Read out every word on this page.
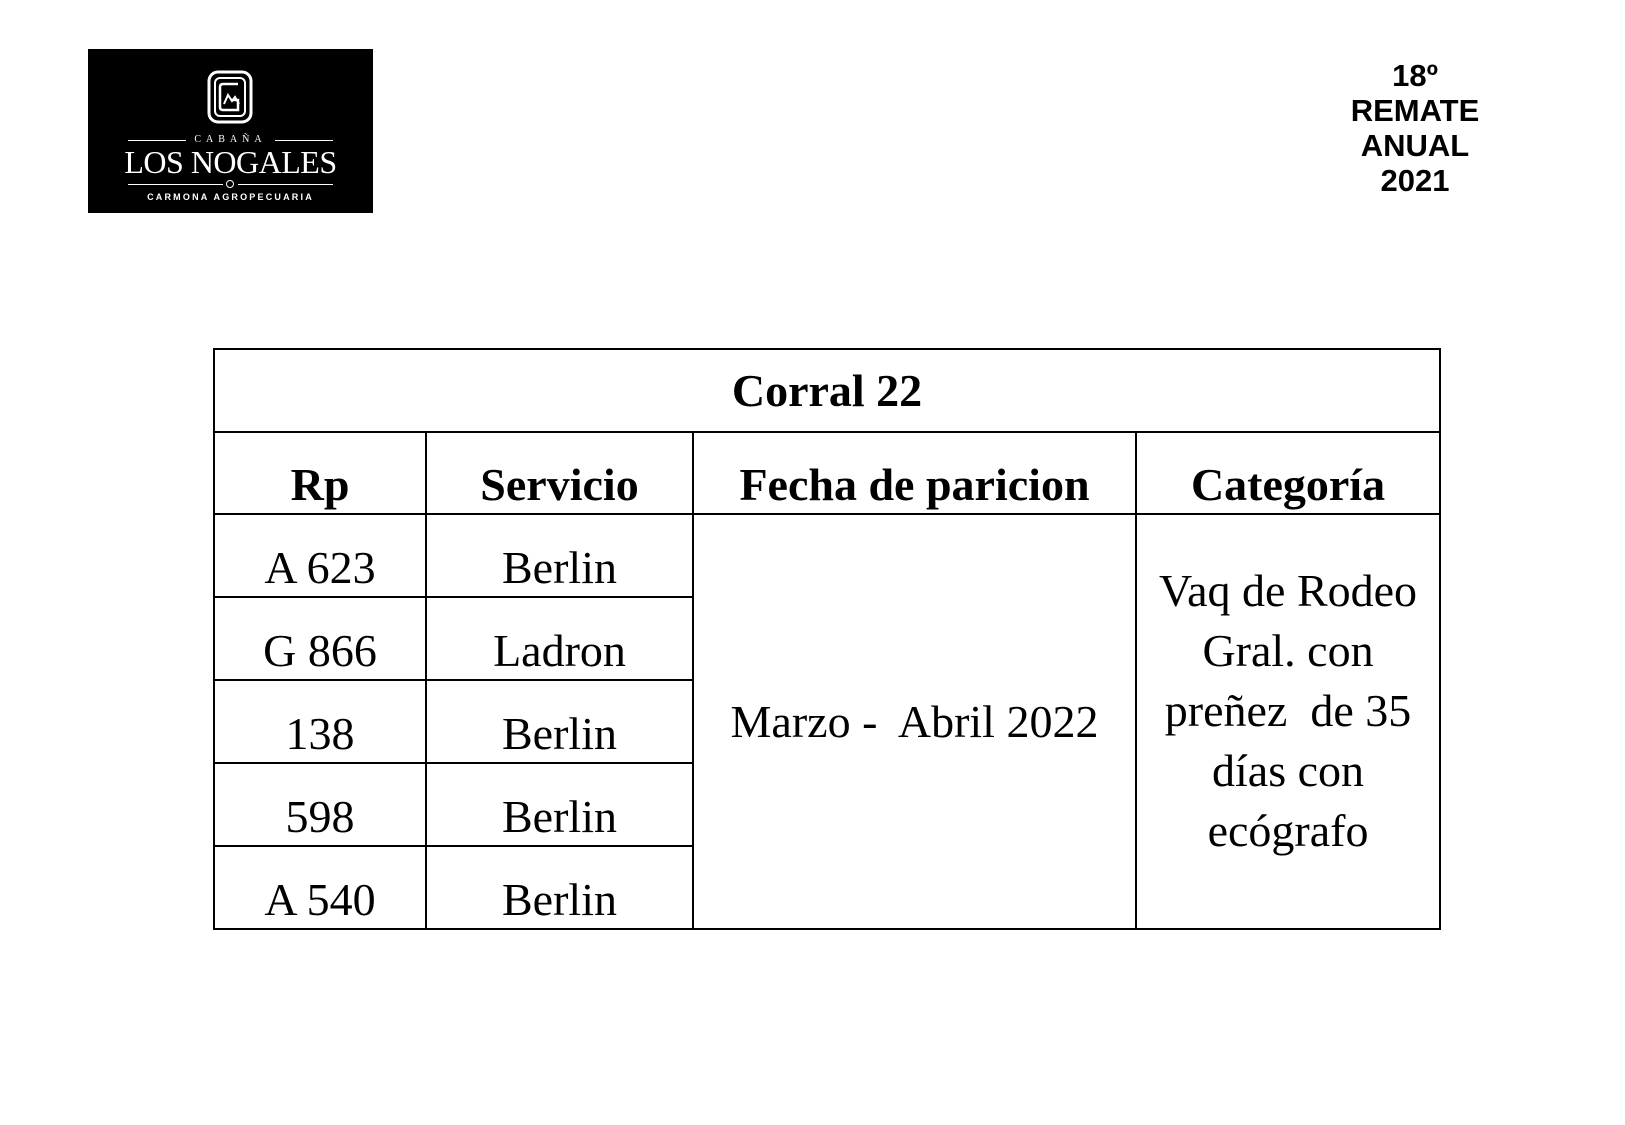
CABAÑA
LOS NOGALES
CARMONA AGROPECUARIA
18º
REMATE
ANUAL
2021
Corral 22			
Rp	Servicio	Fecha de paricion	Categoría
A 623	Berlin	Marzo -  Abril 2022	Vaq de Rodeo
Gral. con
preñez  de 35
días con
ecógrafo

G 866	Ladron		
138	Berlin		
598	Berlin		
A 540	Berlin		
